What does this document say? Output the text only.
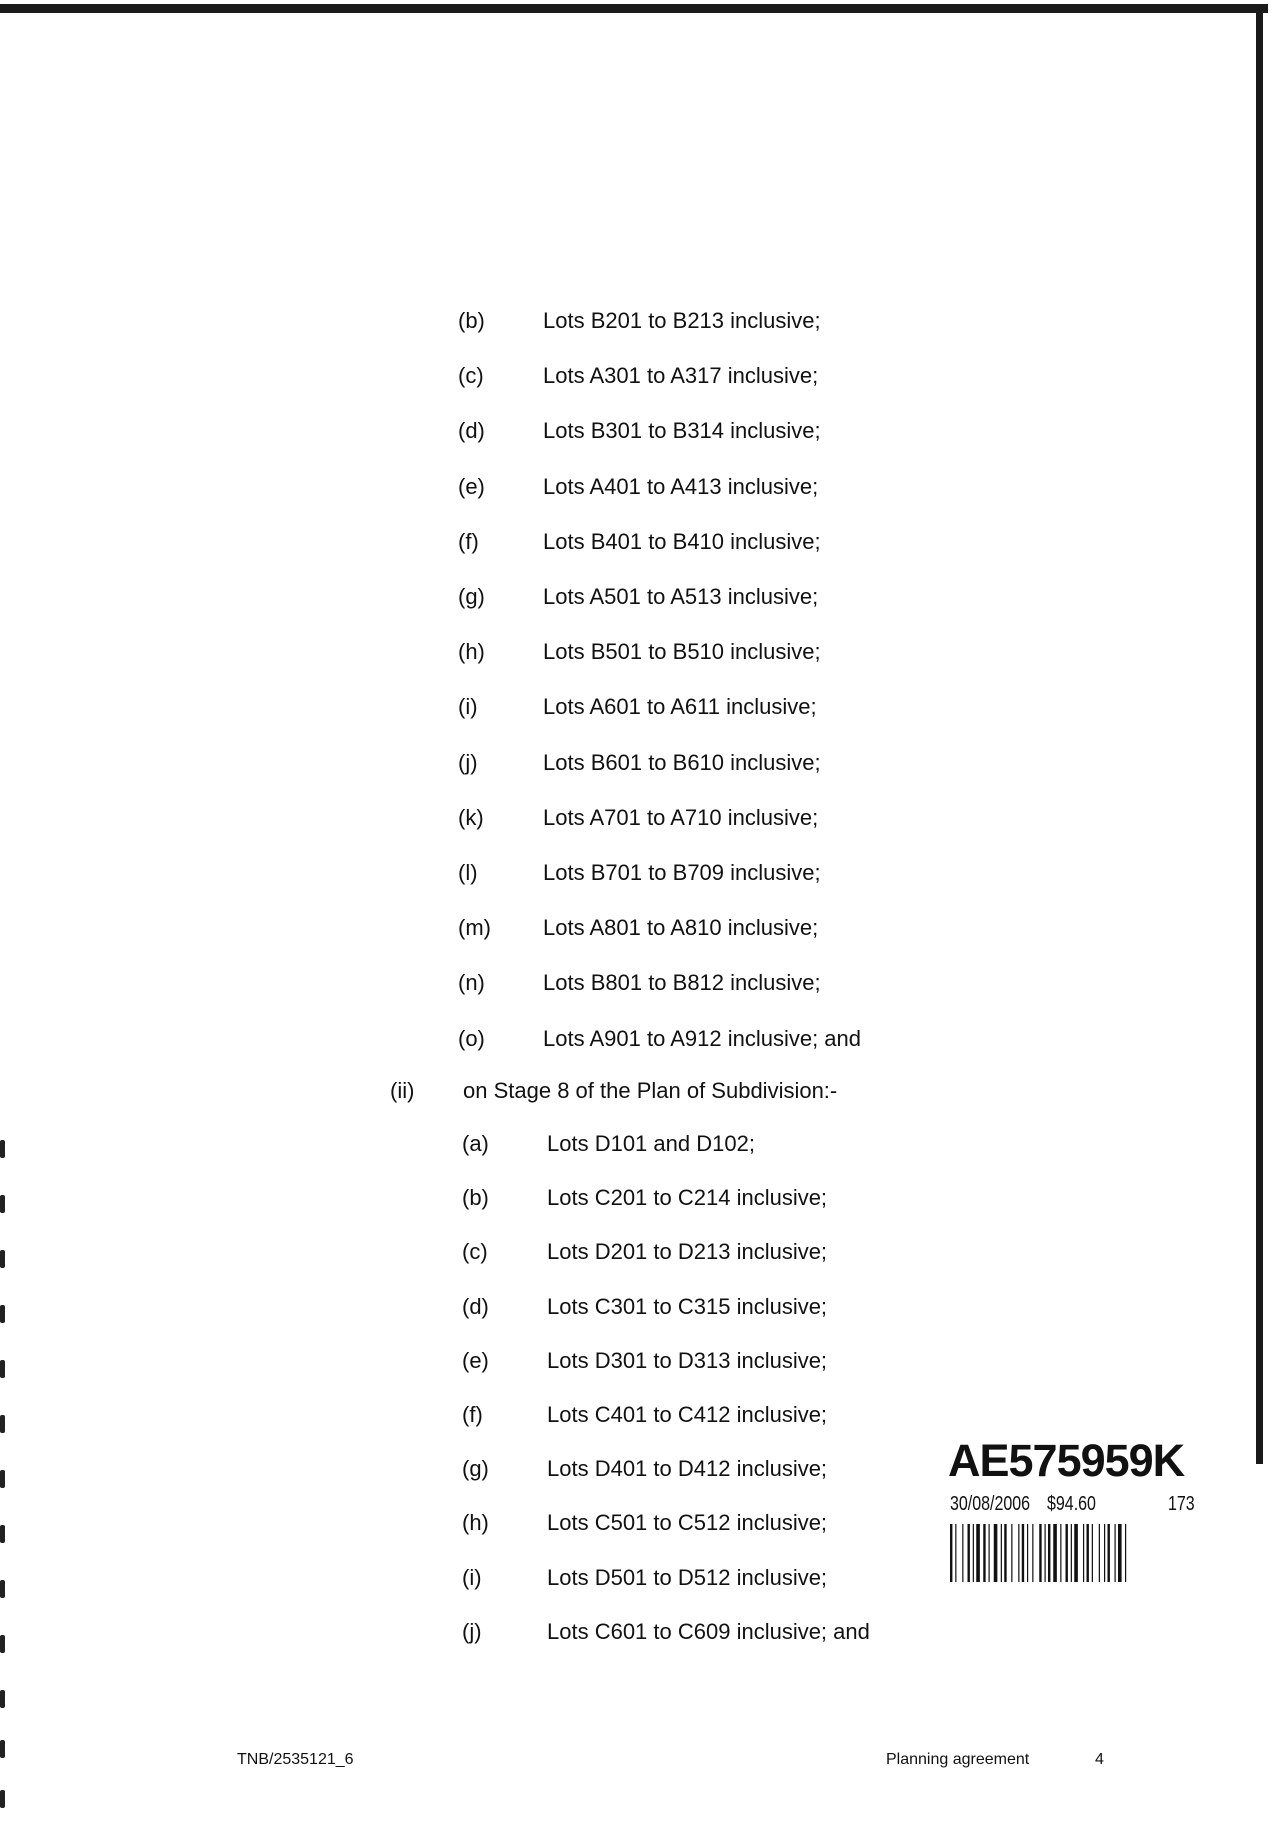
(b)	Lots B201 to B213 inclusive;
(c)	Lots A301 to A317 inclusive;
(d)	Lots B301 to B314 inclusive;
(e)	Lots A401 to A413 inclusive;
(f)	Lots B401 to B410 inclusive;
(g)	Lots A501 to A513 inclusive;
(h)	Lots B501 to B510 inclusive;
(i)	Lots A601 to A611 inclusive;
(j)	Lots B601 to B610 inclusive;
(k)	Lots A701 to A710 inclusive;
(l)	Lots B701 to B709 inclusive;
(m) Lots A801 to A810 inclusive;
(n)	Lots B801 to B812 inclusive;
(o)	Lots A901 to A912 inclusive; and
(ii) on Stage 8 of the Plan of Subdivision:-
(a)	Lots D101 and D102;
(b)	Lots C201 to C214 inclusive;
(c)	Lots D201 to D213 inclusive;
(d)	Lots C301 to C315 inclusive;
(e)	Lots D301 to D313 inclusive;
(f)	Lots C401 to C412 inclusive;
(g)	Lots D401 to D412 inclusive;
(h)	Lots C501 to C512 inclusive;
(i)	Lots D501 to D512 inclusive;
(j)	Lots C601 to C609 inclusive; and
AE575959K
30/08/2006 $94.60	173
TNB/2535121_6	Planning agreement	4
